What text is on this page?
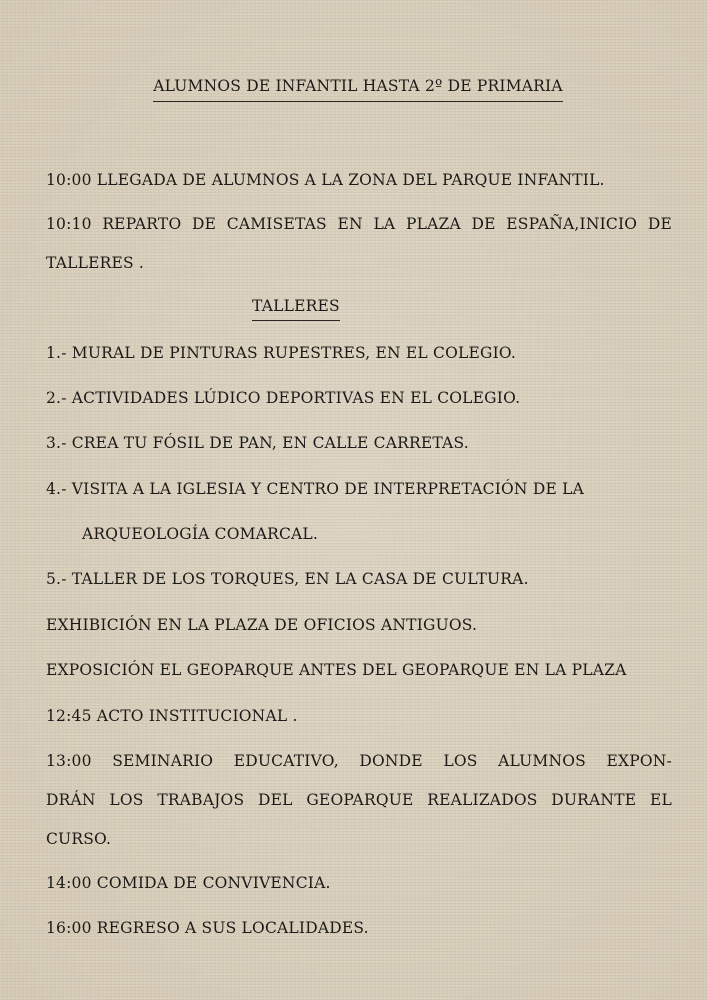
ALUMNOS DE INFANTIL HASTA 2º DE PRIMARIA
10:00 LLEGADA DE ALUMNOS A LA ZONA DEL PARQUE INFANTIL.
10:10 REPARTO DE CAMISETAS EN LA PLAZA DE ESPAÑA,INICIO DE
TALLERES .
TALLERES
1.- MURAL DE PINTURAS RUPESTRES, EN EL COLEGIO.
2.- ACTIVIDADES LÚDICO DEPORTIVAS EN EL COLEGIO.
3.- CREA TU FÓSIL DE PAN, EN CALLE CARRETAS.
4.- VISITA A LA IGLESIA Y CENTRO DE INTERPRETACIÓN DE LA
ARQUEOLOGÍA COMARCAL.
5.- TALLER DE LOS TORQUES, EN LA CASA DE CULTURA.
EXHIBICIÓN EN LA PLAZA DE OFICIOS ANTIGUOS.
EXPOSICIÓN EL GEOPARQUE ANTES DEL GEOPARQUE EN LA PLAZA
12:45 ACTO INSTITUCIONAL .
13:00 SEMINARIO EDUCATIVO, DONDE LOS ALUMNOS EXPON-
DRÁN LOS TRABAJOS DEL GEOPARQUE REALIZADOS DURANTE EL
CURSO.
14:00 COMIDA DE CONVIVENCIA.
16:00 REGRESO A SUS LOCALIDADES.
